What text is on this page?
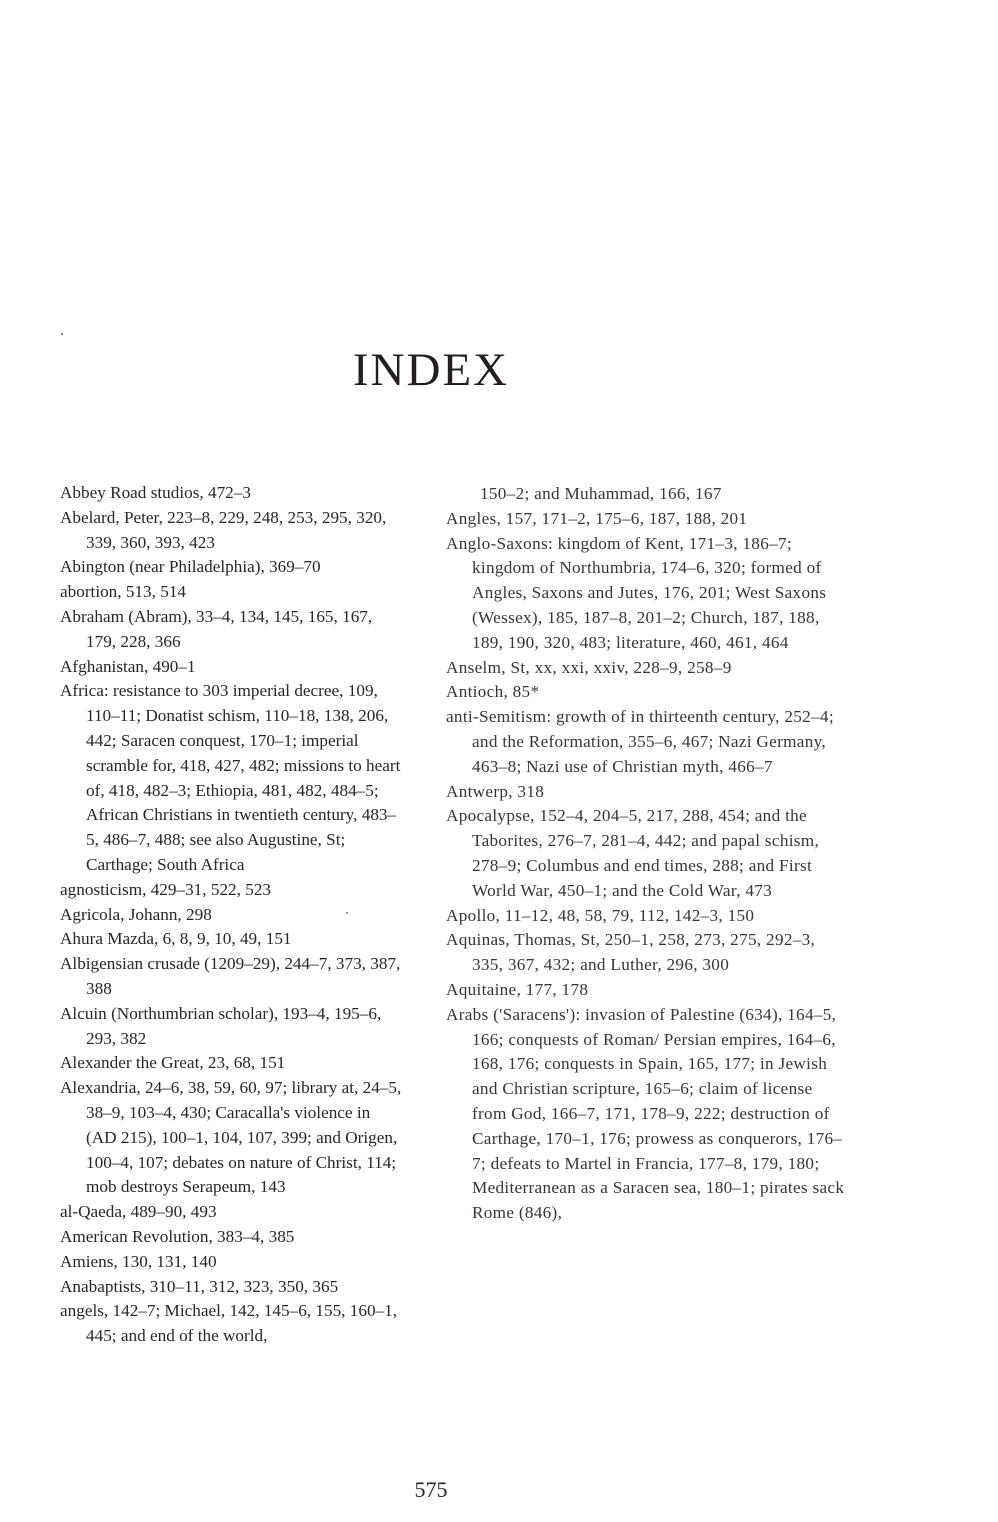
INDEX

Abbey Road studios, 472–3

Abelard, Peter, 223–8, 229, 248, 253, 295, 320, 339, 360, 393, 423

Abington (near Philadelphia), 369–70

abortion, 513, 514

Abraham (Abram), 33–4, 134, 145, 165, 167, 179, 228, 366

Afghanistan, 490–1

Africa: resistance to 303 imperial decree, 109, 110–11; Donatist schism, 110–18, 138, 206, 442; Saracen conquest, 170–1; imperial scramble for, 418, 427, 482; missions to heart of, 418, 482–3; Ethiopia, 481, 482, 484–5; African Christians in twentieth century, 483–5, 486–7, 488; see also Augustine, St; Carthage; South Africa

agnosticism, 429–31, 522, 523

Agricola, Johann, 298

Ahura Mazda, 6, 8, 9, 10, 49, 151

Albigensian crusade (1209–29), 244–7, 373, 387, 388

Alcuin (Northumbrian scholar), 193–4, 195–6, 293, 382

Alexander the Great, 23, 68, 151

Alexandria, 24–6, 38, 59, 60, 97; library at, 24–5, 38–9, 103–4, 430; Caracalla's violence in (AD 215), 100–1, 104, 107, 399; and Origen, 100–4, 107; debates on nature of Christ, 114; mob destroys Serapeum, 143

al-Qaeda, 489–90, 493

American Revolution, 383–4, 385

Amiens, 130, 131, 140

Anabaptists, 310–11, 312, 323, 350, 365

angels, 142–7; Michael, 142, 145–6, 155, 160–1, 445; and end of the world,

150–2; and Muhammad, 166, 167

Angles, 157, 171–2, 175–6, 187, 188, 201

Anglo-Saxons: kingdom of Kent, 171–3, 186–7; kingdom of Northumbria, 174–6, 320; formed of Angles, Saxons and Jutes, 176, 201; West Saxons (Wessex), 185, 187–8, 201–2; Church, 187, 188, 189, 190, 320, 483; literature, 460, 461, 464

Anselm, St, xx, xxi, xxiv, 228–9, 258–9

Antioch, 85*

anti-Semitism: growth of in thirteenth century, 252–4; and the Reformation, 355–6, 467; Nazi Germany, 463–8; Nazi use of Christian myth, 466–7

Antwerp, 318

Apocalypse, 152–4, 204–5, 217, 288, 454; and the Taborites, 276–7, 281–4, 442; and papal schism, 278–9; Columbus and end times, 288; and First World War, 450–1; and the Cold War, 473

Apollo, 11–12, 48, 58, 79, 112, 142–3, 150

Aquinas, Thomas, St, 250–1, 258, 273, 275, 292–3, 335, 367, 432; and Luther, 296, 300

Aquitaine, 177, 178

Arabs ('Saracens'): invasion of Palestine (634), 164–5, 166; conquests of Roman/ Persian empires, 164–6, 168, 176; conquests in Spain, 165, 177; in Jewish and Christian scripture, 165–6; claim of license from God, 166–7, 171, 178–9, 222; destruction of Carthage, 170–1, 176; prowess as conquerors, 176–7; defeats to Martel in Francia, 177–8, 179, 180; Mediterranean as a Saracen sea, 180–1; pirates sack Rome (846),

575
